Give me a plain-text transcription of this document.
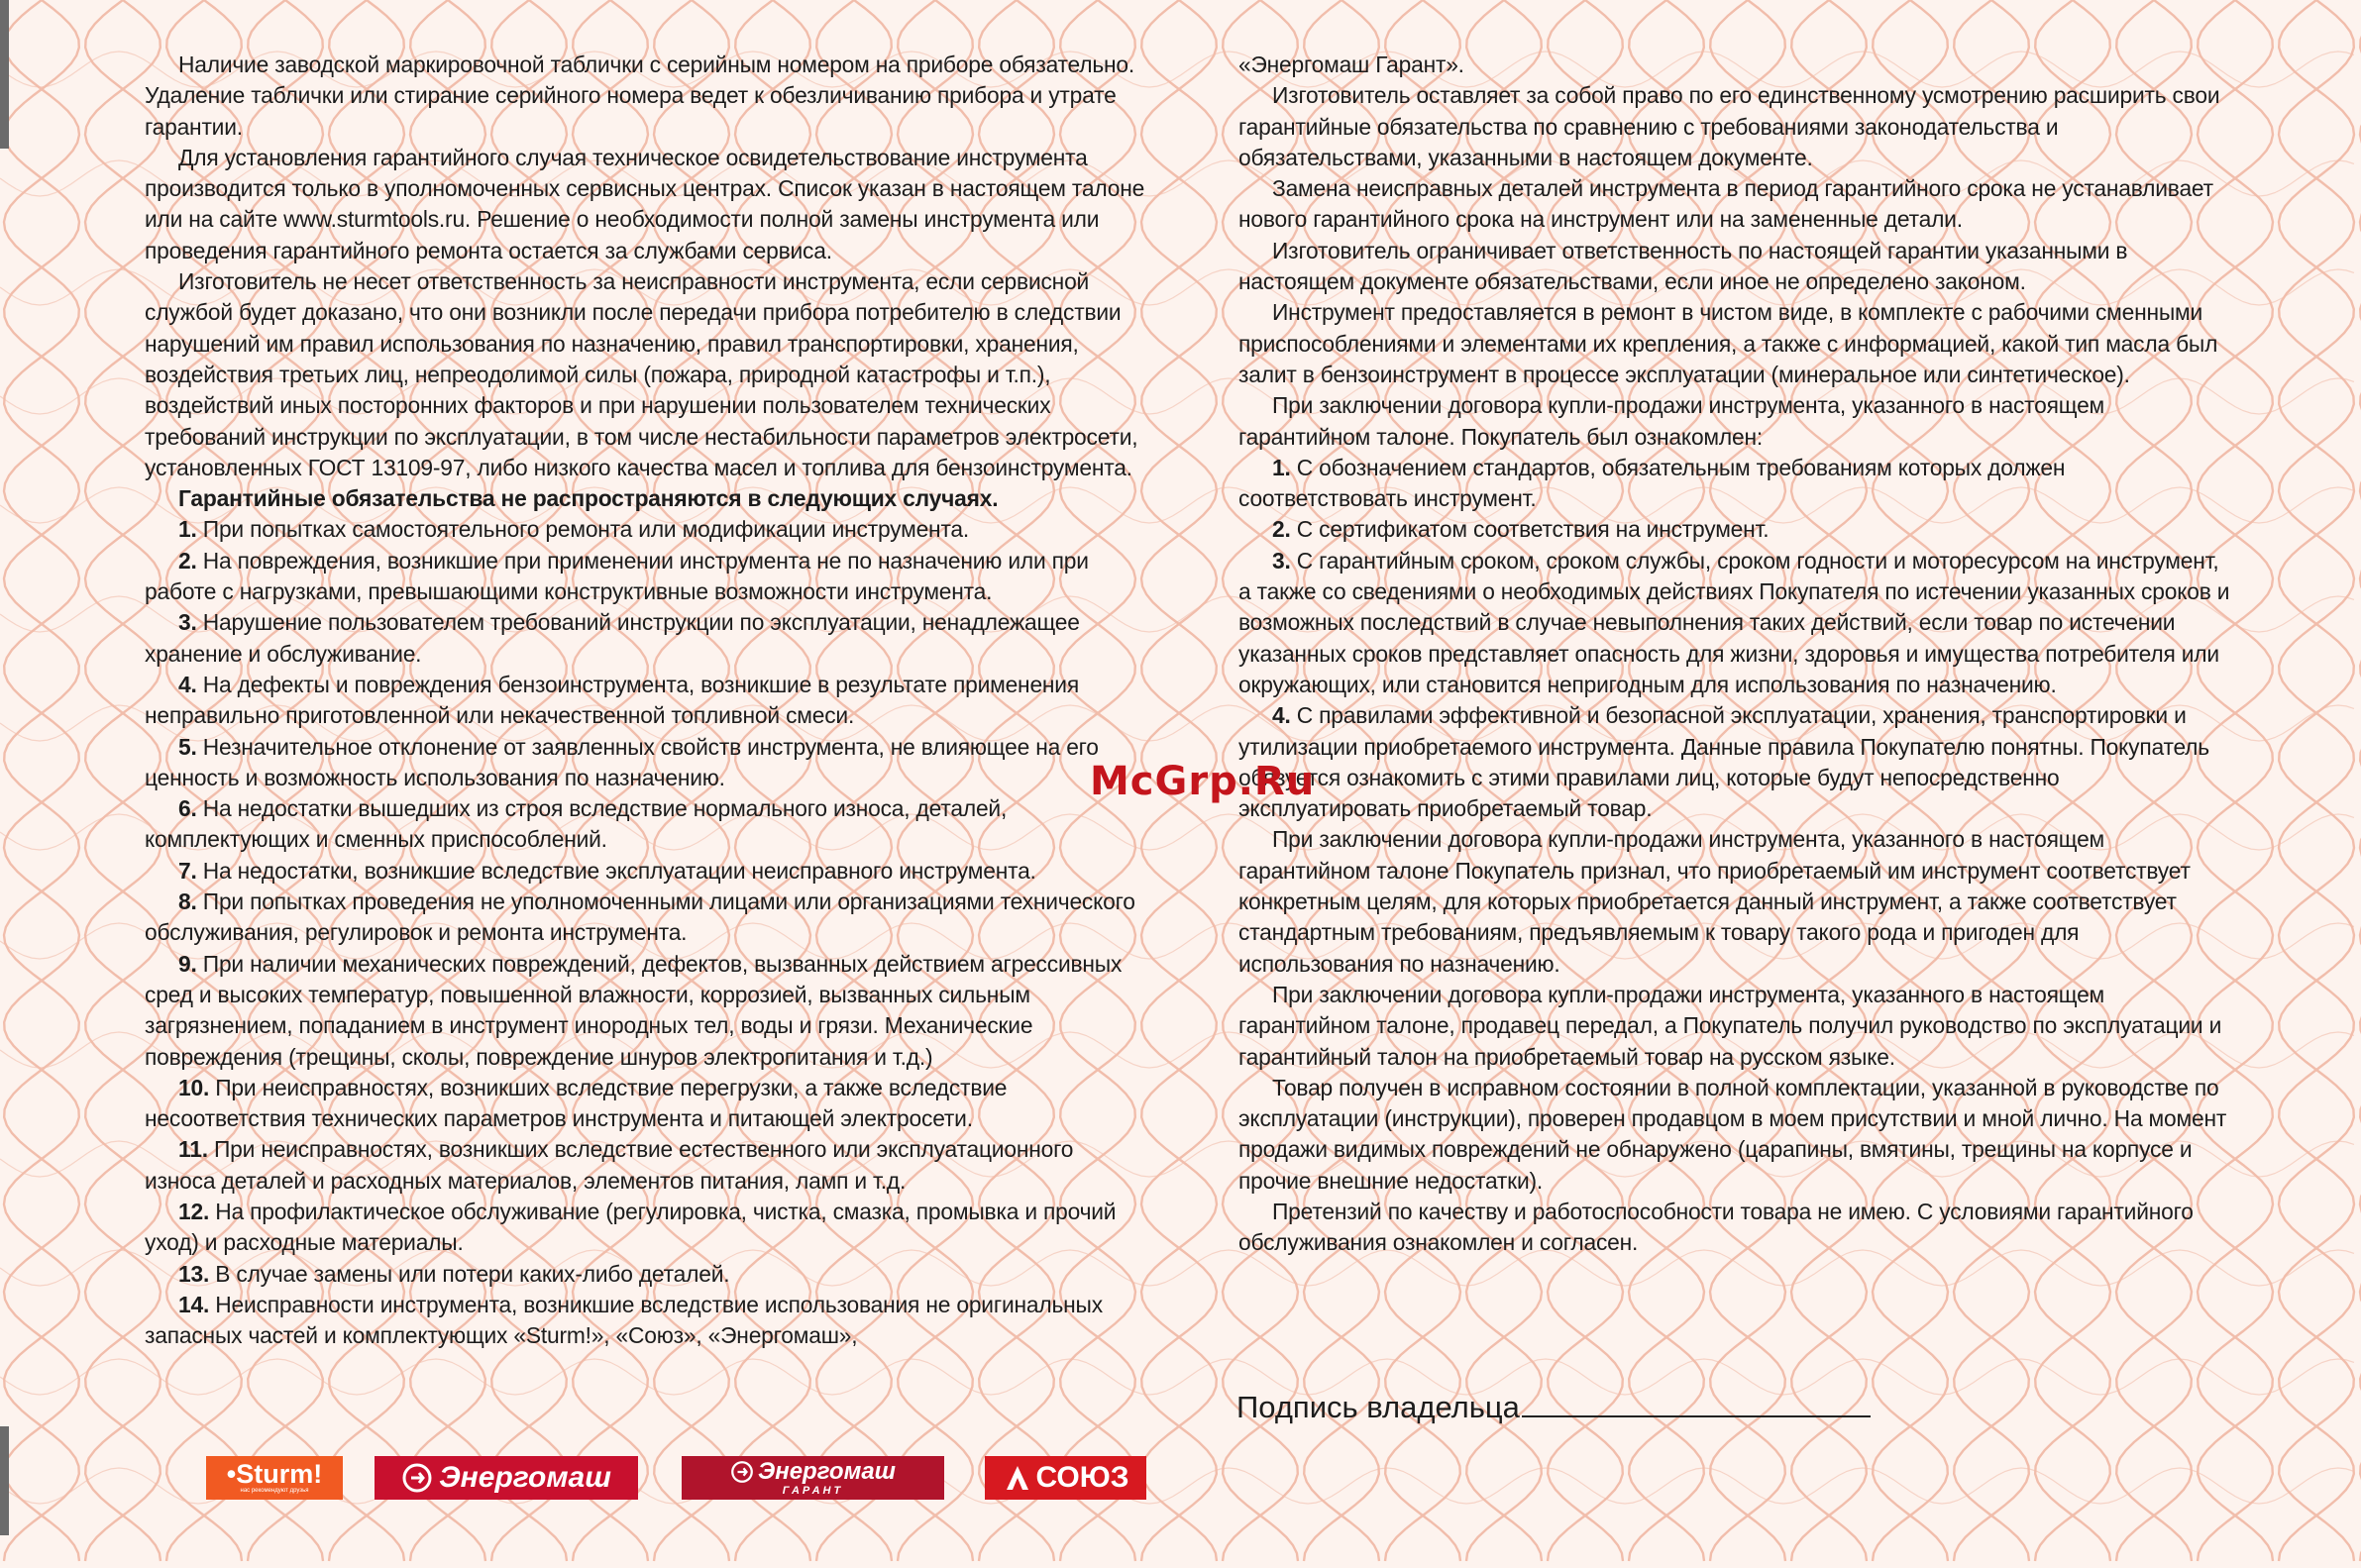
Наличие заводской маркировочной таблички с серийным номером на приборе обязательно. Удаление таблички или стирание серийного номера ведет к обезличиванию прибора и утрате гарантии.

Для установления гарантийного случая техническое освидетельствование инструмента производится только в уполномоченных сервисных центрах. Список указан в настоящем талоне или на сайте www.sturmtools.ru. Решение о необходимости полной замены инструмента или проведения гарантийного ремонта остается за службами сервиса.

Изготовитель не несет ответственность за неисправности инструмента, если сервисной службой будет доказано, что они возникли после передачи прибора потребителю в следствии нарушений им правил использования по назначению, правил транспортировки, хранения, воздействия третьих лиц, непреодолимой силы (пожара, природной катастрофы и т.п.), воздействий иных посторонних факторов и при нарушении пользователем технических требований инструкции по эксплуатации, в том числе нестабильности параметров электросети, установленных ГОСТ 13109-97, либо низкого качества масел и топлива для бензоинструмента.

Гарантийные обязательства не распространяются в следующих случаях.

1. При попытках самостоятельного ремонта или модификации инструмента.

2. На повреждения, возникшие при применении инструмента не по назначению или при работе с нагрузками, превышающими конструктивные возможности инструмента.

3. Нарушение пользователем требований инструкции по эксплуатации, ненадлежащее хранение и обслуживание.

4. На дефекты и повреждения бензоинструмента, возникшие в результате применения неправильно приготовленной или некачественной топливной смеси.

5. Незначительное отклонение от заявленных свойств инструмента, не влияющее на его ценность и возможность использования по назначению.

6. На недостатки вышедших из строя вследствие нормального износа, деталей, комплектующих и сменных приспособлений.

7. На недостатки, возникшие вследствие эксплуатации неисправного инструмента.

8. При попытках проведения не уполномоченными лицами или организациями технического обслуживания, регулировок и ремонта инструмента.

9. При наличии механических повреждений, дефектов, вызванных действием агрессивных сред и высоких температур, повышенной влажности, коррозией, вызванных сильным загрязнением, попаданием в инструмент инородных тел, воды и грязи. Механические повреждения (трещины, сколы, повреждение шнуров электропитания и т.д.)

10. При неисправностях, возникших вследствие перегрузки, а также вследствие несоответствия технических параметров инструмента и питающей электросети.

11. При неисправностях, возникших вследствие естественного или эксплуатационного износа деталей и расходных материалов, элементов питания, ламп и т.д.

12. На профилактическое обслуживание (регулировка, чистка, смазка, промывка и прочий уход) и расходные материалы.

13. В случае замены или потери каких-либо деталей.

14. Неисправности инструмента, возникшие вследствие использования не оригинальных запасных частей и комплектующих «Sturm!», «Союз», «Энергомаш»,

«Энергомаш Гарант».

Изготовитель оставляет за собой право по его единственному усмотрению расширить свои гарантийные обязательства по сравнению с требованиями законодательства и обязательствами, указанными в настоящем документе.

Замена неисправных деталей инструмента в период гарантийного срока не устанавливает нового гарантийного срока на инструмент или на замененные детали.

Изготовитель ограничивает ответственность по настоящей гарантии указанными в настоящем документе обязательствами, если иное не определено законом.

Инструмент предоставляется в ремонт в чистом виде, в комплекте с рабочими сменными приспособлениями и элементами их крепления, а также с информацией, какой тип масла был залит в бензоинструмент в процессе эксплуатации (минеральное или синтетическое).

При заключении договора купли-продажи инструмента, указанного в настоящем гарантийном талоне. Покупатель был ознакомлен:

1. С обозначением стандартов, обязательным требованиям которых должен соответствовать инструмент.

2. С сертификатом соответствия на инструмент.

3. С гарантийным сроком, сроком службы, сроком годности и моторесурсом на инструмент, а также со сведениями о необходимых действиях Покупателя по истечении указанных сроков и возможных последствий в случае невыполнения таких действий, если товар по истечении указанных сроков представляет опасность для жизни, здоровья и имущества потребителя или окружающих, или становится непригодным для использования по назначению.

4. С правилами эффективной и безопасной эксплуатации, хранения, транспортировки и утилизации приобретаемого инструмента. Данные правила Покупателю понятны. Покупатель обязуется ознакомить с этими правилами лиц, которые будут непосредственно эксплуатировать приобретаемый товар.

При заключении договора купли-продажи инструмента, указанного в настоящем гарантийном талоне Покупатель признал, что приобретаемый им инструмент соответствует конкретным целям, для которых приобретается данный инструмент, а также соответствует стандартным требованиям, предъявляемым к товару такого рода и пригоден для использования по назначению.

При заключении договора купли-продажи инструмента, указанного в настоящем гарантийном талоне, продавец передал, а Покупатель получил руководство по эксплуатации и гарантийный талон на приобретаемый товар на русском языке.

Товар получен в исправном состоянии в полной комплектации, указанной в руководстве по эксплуатации (инструкции), проверен продавцом в моем присутствии и мной лично. На момент продажи видимых повреждений не обнаружено (царапины, вмятины, трещины на корпусе и прочие внешние недостатки).

Претензий по качеству и работоспособности товара не имею. С условиями гарантийного обслуживания ознакомлен и согласен.

McGrp.Ru
Подпись владельца
•Sturm!
нас рекомендуют друзья	Энергомаш	Энергомаш
ГАРАНТ	СОЮЗ
